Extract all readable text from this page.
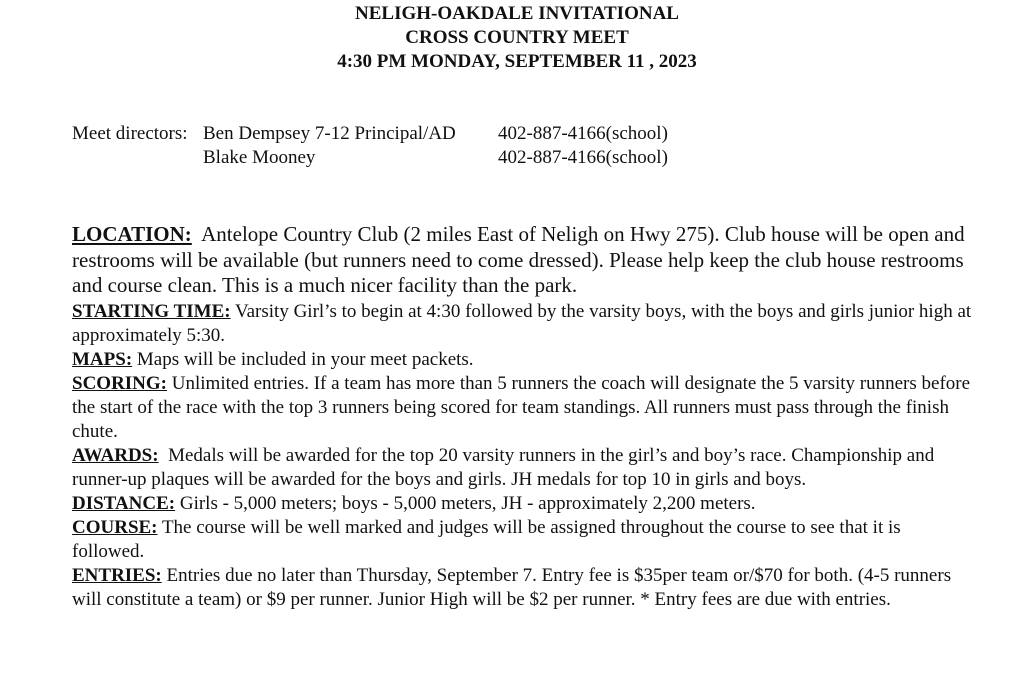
NELIGH-OAKDALE INVITATIONAL
CROSS COUNTRY MEET
4:30 PM MONDAY, SEPTEMBER 11 , 2023
Meet directors: Ben Dempsey 7-12 Principal/AD 402-887-4166(school)
Blake Mooney	402-887-4166(school)

LOCATION: Antelope Country Club (2 miles East of Neligh on Hwy 275). Club house will be open and restrooms will be available (but runners need to come dressed). Please help keep the club house restrooms and course clean. This is a much nicer facility than the park.

STARTING TIME: Varsity Girl’s to begin at 4:30 followed by the varsity boys, with the boys and girls junior high at approximately 5:30.

MAPS: Maps will be included in your meet packets.

SCORING: Unlimited entries. If a team has more than 5 runners the coach will designate the 5 varsity runners before the start of the race with the top 3 runners being scored for team standings. All runners must pass through the finish chute.

AWARDS: Medals will be awarded for the top 20 varsity runners in the girl’s and boy’s race. Championship and runner-up plaques will be awarded for the boys and girls. JH medals for top 10 in girls and boys.

DISTANCE: Girls - 5,000 meters; boys - 5,000 meters, JH - approximately 2,200 meters.

COURSE: The course will be well marked and judges will be assigned throughout the course to see that it is followed.

ENTRIES: Entries due no later than Thursday, September 7. Entry fee is $35per team or/$70 for both. (4-5 runners will constitute a team) or $9 per runner. Junior High will be $2 per runner. * Entry fees are due with entries.
